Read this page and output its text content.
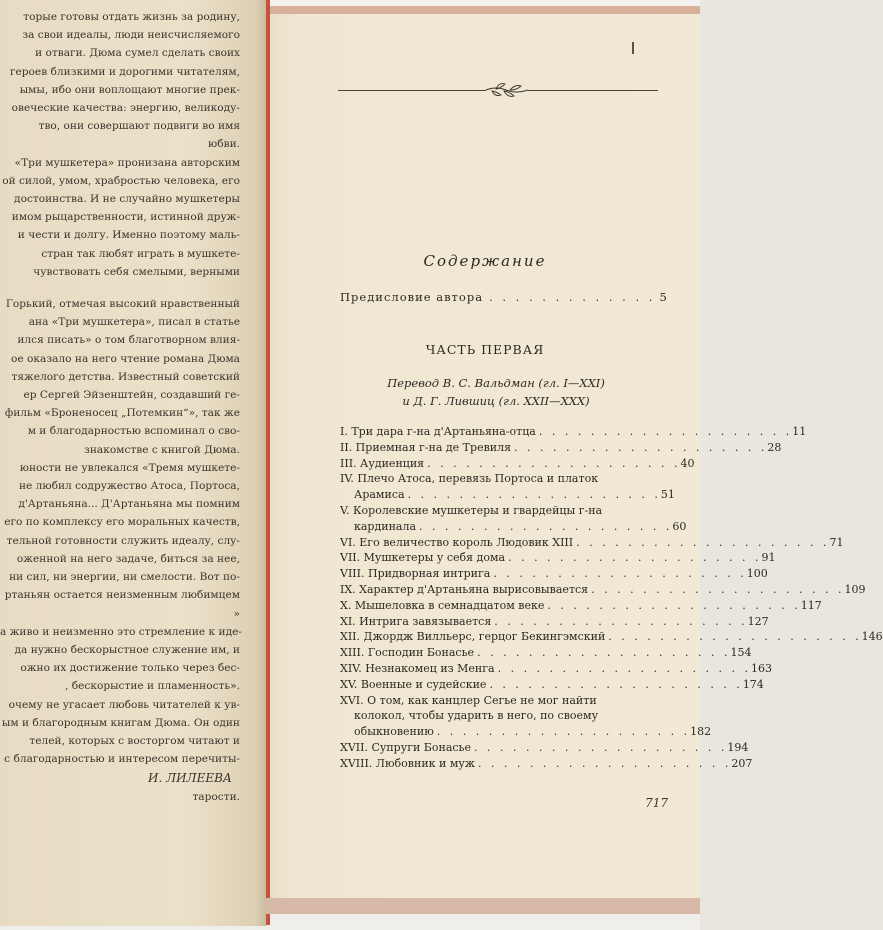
торые готовы отдать жизнь за родину,
за свои идеалы, люди неисчисляемого
и отваги. Дюма сумел сделать своих
героев близкими и дорогими читателям,
ымы, ибо они воплощают многие прек-
овеческие качества: энергию, великоду-
тво, они совершают подвиги во имя
юбви.
«Три мушкетера» пронизана авторским
ой силой, умом, храбростью человека, его
достоинства. И не случайно мушкетеры
имом рыцарственности, истинной друж-
и чести и долгу. Именно поэтому маль-
стран так любят играть в мушкете-
чувствовать себя смелыми, верными
Горький, отмечая высокий нравственный
ана «Три мушкетера», писал в статье
ился писать» о том благотворном влия-
ое оказало на него чтение романа Дюма
тяжелого детства. Известный советский
ер Сергей Эйзенштейн, создавший ге-
фильм «Броненосец „Потемкин“», так же
м и благодарностью вспоминал о сво-
знакомстве с книгой Дюма.
юности не увлекался «Тремя мушкете-
не любил содружество Атоса, Портоса,
д'Артаньяна... Д'Артаньяна мы помним
его по комплексу его моральных качеств,
тельной готовности служить идеалу, слу-
оженной на него задаче, биться за нее,
ни сил, ни энергии, ни смелости. Вот по-
ртаньян остается неизменным любимцем
»
а живо и неизменно это стремление к иде-
да нужно бескорыстное служение им, и
ожно их достижение только через бес-
, бескорыстие и пламенность».
очему не угасает любовь читателей к ув-
ым и благородным книгам Дюма. Он один
телей, которых с восторгом читают и
с благодарностью и интересом перечиты-
И. ЛИЛЕЕВА
тарости.
Содержание
Предисловие автора . . . . . . . . . . . . . 5
ЧАСТЬ ПЕРВАЯ
Перевод В. С. Вальдман (гл. I—XXI)
и Д. Г. Лившиц (гл. XXII—XXX)
I. Три дара г-на д'Артаньяна-отца . . . . . . . . . . . . . . . . . . . . 11
II. Приемная г-на де Тревиля . . . . . . . . . . . . . . . . . . . . 28
III. Аудиенция . . . . . . . . . . . . . . . . . . . . 40
IV. Плечо Атоса, перевязь Портоса и платок
Арамиса . . . . . . . . . . . . . . . . . . . . 51
V. Королевские мушкетеры и гвардейцы г-на
кардинала . . . . . . . . . . . . . . . . . . . . 60
VI. Его величество король Людовик XIII . . . . . . . . . . . . . . . . . . . . 71
VII. Мушкетеры у себя дома . . . . . . . . . . . . . . . . . . . . 91
VIII. Придворная интрига . . . . . . . . . . . . . . . . . . . . 100
IX. Характер д'Артаньяна вырисовывается . . . . . . . . . . . . . . . . . . . . 109
X. Мышеловка в семнадцатом веке . . . . . . . . . . . . . . . . . . . . 117
XI. Интрига завязывается . . . . . . . . . . . . . . . . . . . . 127
XII. Джордж Вилльерс, герцог Бекингэмский . . . . . . . . . . . . . . . . . . . . 146
XIII. Господин Бонасье . . . . . . . . . . . . . . . . . . . . 154
XIV. Незнакомец из Менга . . . . . . . . . . . . . . . . . . . . 163
XV. Военные и судейские . . . . . . . . . . . . . . . . . . . . 174
XVI. О том, как канцлер Сегье не мог найти
колокол, чтобы ударить в него, по своему
обыкновению . . . . . . . . . . . . . . . . . . . . 182
XVII. Супруги Бонасье . . . . . . . . . . . . . . . . . . . . 194
XVIII. Любовник и муж . . . . . . . . . . . . . . . . . . . . 207
717
